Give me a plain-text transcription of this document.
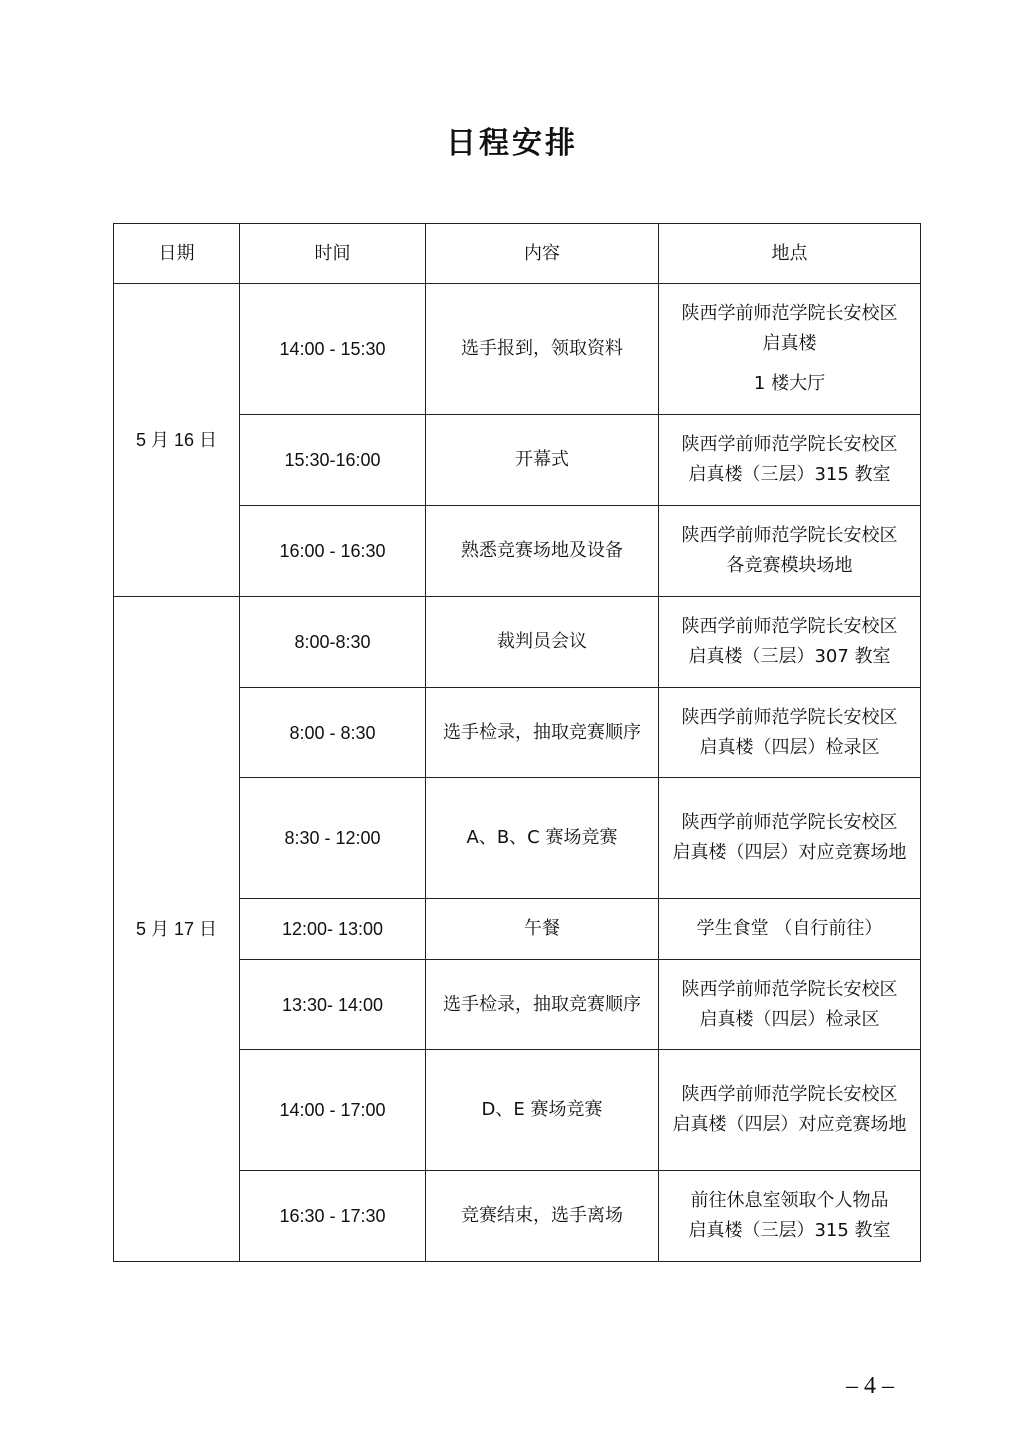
日程安排
日期	时间	内容	地点
5 月 16 日	14:00 - 15:30	选手报到，领取资料	陕西学前师范学院长安校区
启真楼
1 楼大厅

	15:30-16:00	开幕式	陕西学前师范学院长安校区
启真楼（三层）315 教室

	16:00 - 16:30	熟悉竞赛场地及设备	陕西学前师范学院长安校区
各竞赛模块场地

5 月 17 日	8:00-8:30	裁判员会议	陕西学前师范学院长安校区
启真楼（三层）307 教室

	8:00 - 8:30	选手检录，抽取竞赛顺序	陕西学前师范学院长安校区
启真楼（四层）检录区

	8:30 - 12:00	A、B、C 赛场竞赛	陕西学前师范学院长安校区
启真楼（四层）对应竞赛场地

	12:00- 13:00	午餐	学生食堂 （自行前往）

	13:30- 14:00	选手检录，抽取竞赛顺序	陕西学前师范学院长安校区
启真楼（四层）检录区

	14:00 - 17:00	D、E 赛场竞赛	陕西学前师范学院长安校区
启真楼（四层）对应竞赛场地

	16:30 - 17:30	竞赛结束，选手离场	前往休息室领取个人物品
启真楼（三层）315 教室
– 4 –
